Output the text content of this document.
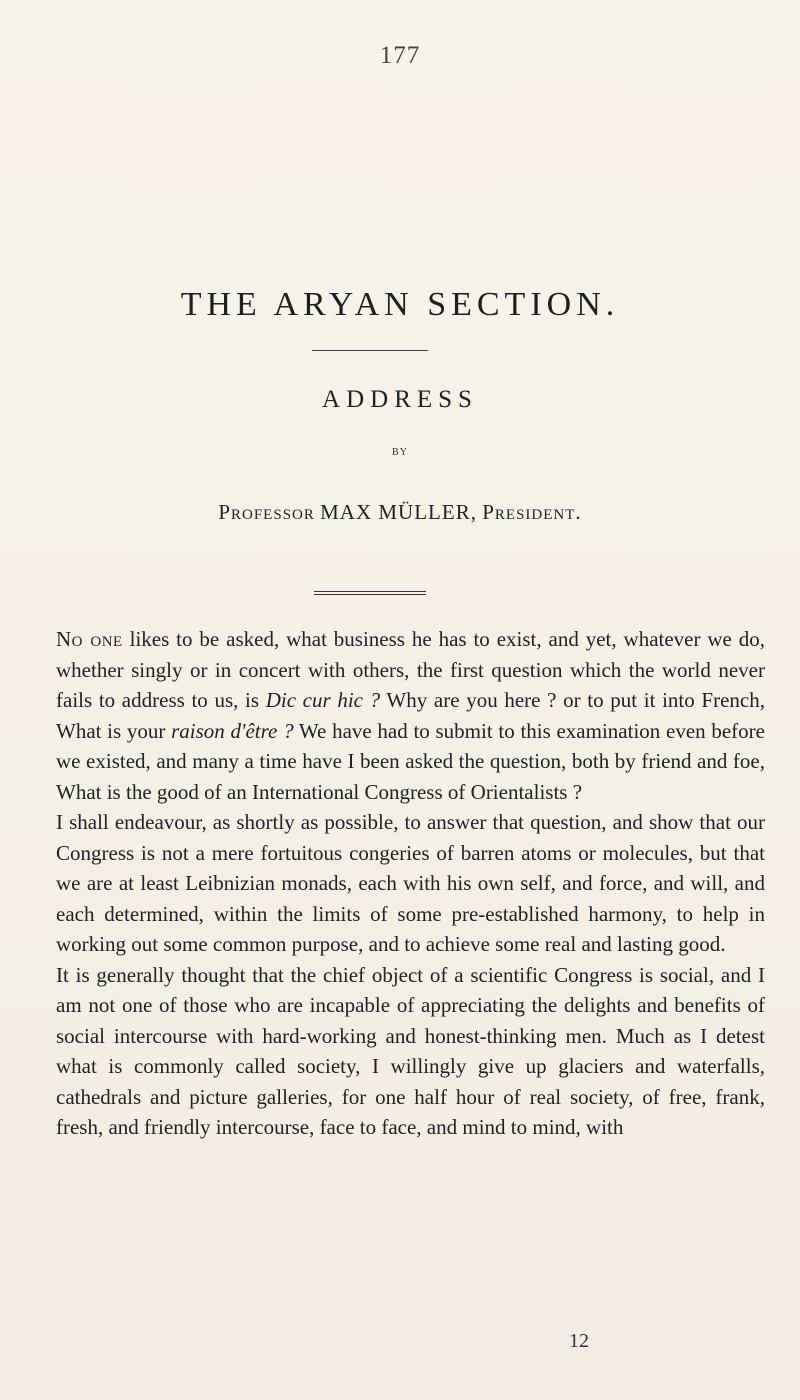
177
THE ARYAN SECTION.
ADDRESS
BY
Professor MAX MÜLLER, President.

No one likes to be asked, what business he has to exist, and yet, whatever we do, whether singly or in concert with others, the first question which the world never fails to address to us, is Dic cur hic ? Why are you here ? or to put it into French, What is your raison d'être ? We have had to submit to this examination even before we existed, and many a time have I been asked the question, both by friend and foe, What is the good of an International Congress of Orientalists ?

I shall endeavour, as shortly as possible, to answer that question, and show that our Congress is not a mere fortuitous congeries of barren atoms or molecules, but that we are at least Leibnizian monads, each with his own self, and force, and will, and each determined, within the limits of some pre-established harmony, to help in working out some common purpose, and to achieve some real and lasting good.

It is generally thought that the chief object of a scientific Congress is social, and I am not one of those who are incapable of appreciating the delights and benefits of social intercourse with hard-working and honest-thinking men. Much as I detest what is commonly called society, I willingly give up glaciers and waterfalls, cathedrals and picture galleries, for one half hour of real society, of free, frank, fresh, and friendly intercourse, face to face, and mind to mind, with

12
